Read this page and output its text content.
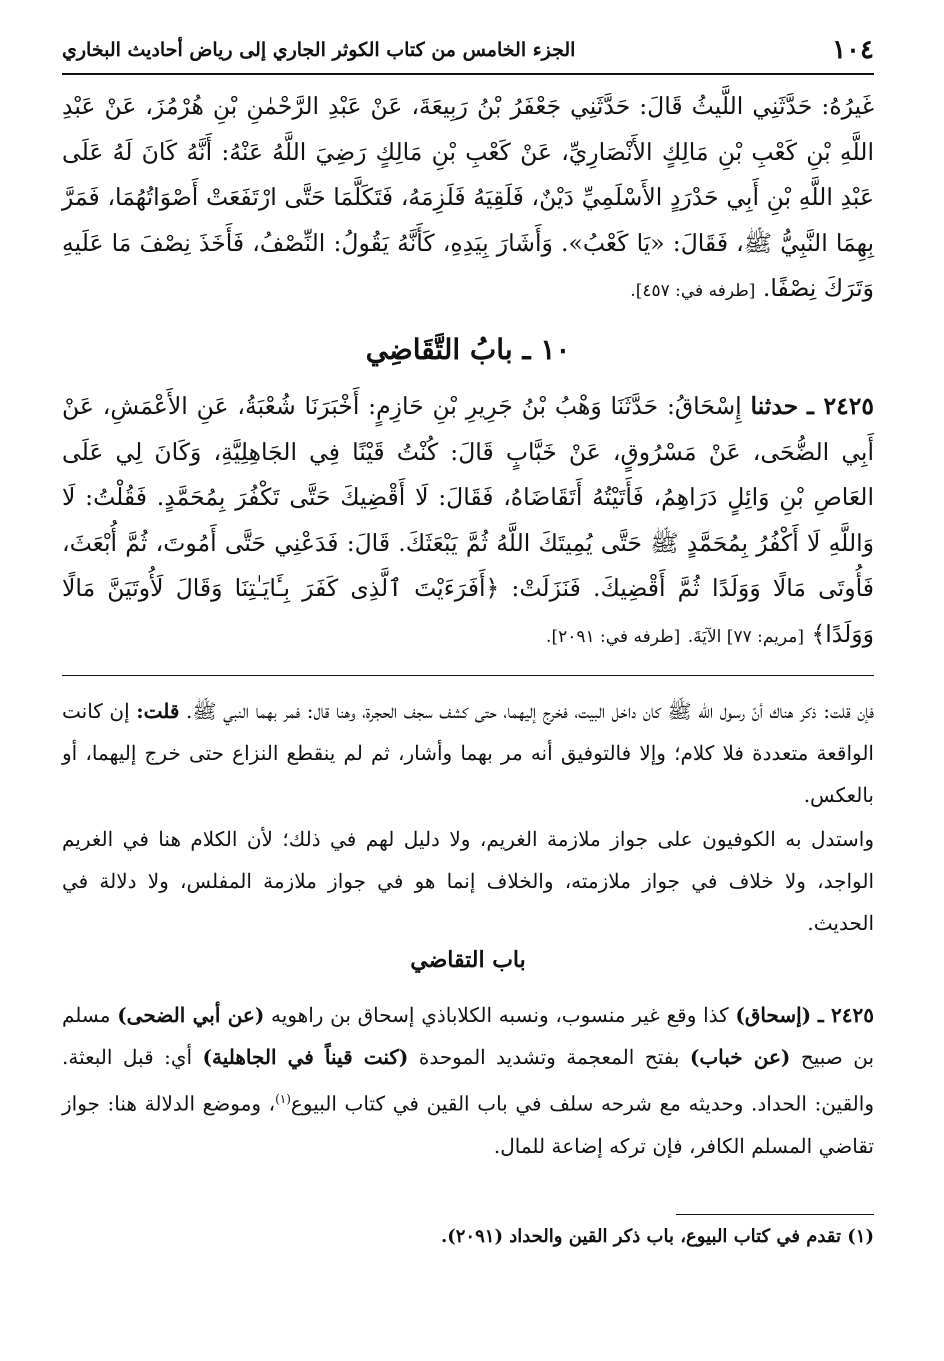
١٠٤
الجزء الخامس من كتاب الكوثر الجاري إلى رياض أحاديث البخاري
غَيرُهُ: حَدَّثَنِي اللَّيثُ قَالَ: حَدَّثَنِي جَعْفَرُ بْنُ رَبِيعَةَ، عَنْ عَبْدِ الرَّحْمٰنِ بْنِ هُرْمُزَ، عَنْ عَبْدِ اللَّهِ بْنِ كَعْبِ بْنِ مَالِكٍ الأَنْصَارِيِّ، عَنْ كَعْبِ بْنِ مَالِكٍ رَضِيَ اللَّهُ عَنْهُ: أَنَّهُ كَانَ لَهُ عَلَى عَبْدِ اللَّهِ بْنِ أَبِي حَدْرَدٍ الأَسْلَمِيِّ دَيْنٌ، فَلَقِيَهُ فَلَزِمَهُ، فَتَكَلَّمَا حَتَّى ارْتَفَعَتْ أَصْوَاتُهُمَا، فَمَرَّ بِهِمَا النَّبِيُّ ﷺ، فَقَالَ: «يَا كَعْبُ». وَأَشَارَ بِيَدِهِ، كَأَنَّهُ يَقُولُ: النِّصْفُ، فَأَخَذَ نِصْفَ مَا عَلَيهِ وَتَرَكَ نِصْفًا. [طرفه في: ٤٥٧].
١٠ ـ بابُ التَّقَاضِي
٢٤٢٥ ـ حدثنا إِسْحَاقُ: حَدَّثَنَا وَهْبُ بْنُ جَرِيرِ بْنِ حَازِمٍ: أَخْبَرَنَا شُعْبَةُ، عَنِ الأَعْمَشِ، عَنْ أَبِي الضُّحَى، عَنْ مَسْرُوقٍ، عَنْ خَبَّابٍ قَالَ: كُنْتُ قَيْنًا فِي الجَاهِلِيَّةِ، وَكَانَ لِي عَلَى العَاصِ بْنِ وَائِلٍ دَرَاهِمُ، فَأَتَيْتُهُ أَتَقَاضَاهُ، فَقَالَ: لَا أَقْضِيكَ حَتَّى تَكْفُرَ بِمُحَمَّدٍ. فَقُلْتُ: لَا وَاللَّهِ لَا أَكْفُرُ بِمُحَمَّدٍ ﷺ حَتَّى يُمِيتَكَ اللَّهُ ثُمَّ يَبْعَثَكَ. قَالَ: فَدَعْنِي حَتَّى أَمُوتَ، ثُمَّ أُبْعَثَ، فَأُوتَى مَالًا وَوَلَدًا ثُمَّ أَقْضِيكَ. فَنَزَلَتْ: ﴿أَفَرَءَيْتَ ٱلَّذِى كَفَرَ بِـَٔايَـٰتِنَا وَقَالَ لَأُوتَيَنَّ مَالًا وَوَلَدًا﴾ [مريم: ٧٧] الآيَةَ. [طرفه في: ٢٠٩١].
فإن قلت: ذكر هناك أنّ رسول الله ﷺ كان داخل البيت، فخرج إليهما، حتى كشف سجف الحجرة، وهنا قال: فمر بهما النبي ﷺ. قلت: إن كانت الواقعة متعددة فلا كلام؛ وإلا فالتوفيق أنه مر بهما وأشار، ثم لم ينقطع النزاع حتى خرج إليهما، أو بالعكس.
واستدل به الكوفيون على جواز ملازمة الغريم، ولا دليل لهم في ذلك؛ لأن الكلام هنا في الغريم الواجد، ولا خلاف في جواز ملازمته، والخلاف إنما هو في جواز ملازمة المفلس، ولا دلالة في الحديث.
باب التقاضي
٢٤٢٥ ـ (إسحاق) كذا وقع غير منسوب، ونسبه الكلاباذي إسحاق بن راهويه (عن أبي الضحى) مسلم بن صبيح (عن خباب) بفتح المعجمة وتشديد الموحدة (كنت قيناً في الجاهلية) أي: قبل البعثة. والقين: الحداد. وحديثه مع شرحه سلف في باب القين في كتاب البيوع$^{(١)}$، وموضع الدلالة هنا: جواز تقاضي المسلم الكافر، فإن تركه إضاعة للمال.
(١) تقدم في كتاب البيوع، باب ذكر القين والحداد (٢٠٩١).
